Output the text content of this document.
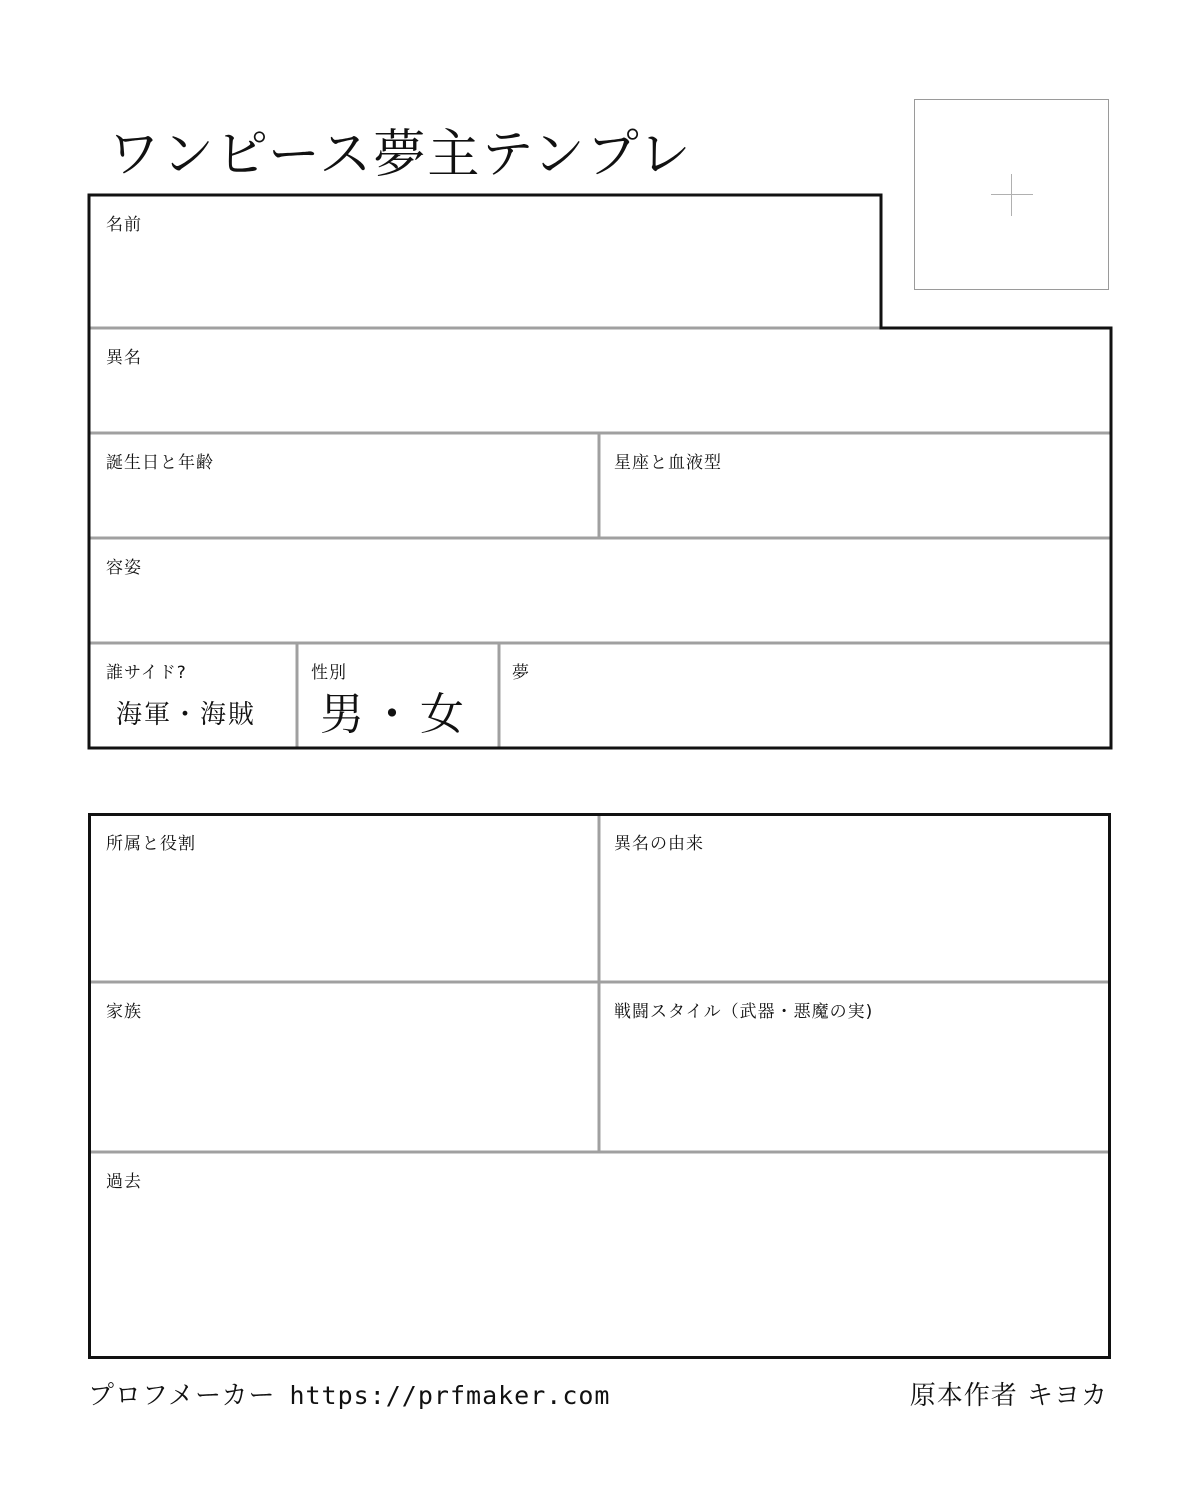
ワンピース夢主テンプレ
名前
異名
誕生日と年齢	星座と血液型
容姿
誰サイド?
海軍・海賊
性別
男・女
夢
所属と役割	異名の由来
家族	戦闘スタイル（武器・悪魔の実)
過去
プロフメーカー https://prfmaker.com	原本作者 キヨカ
